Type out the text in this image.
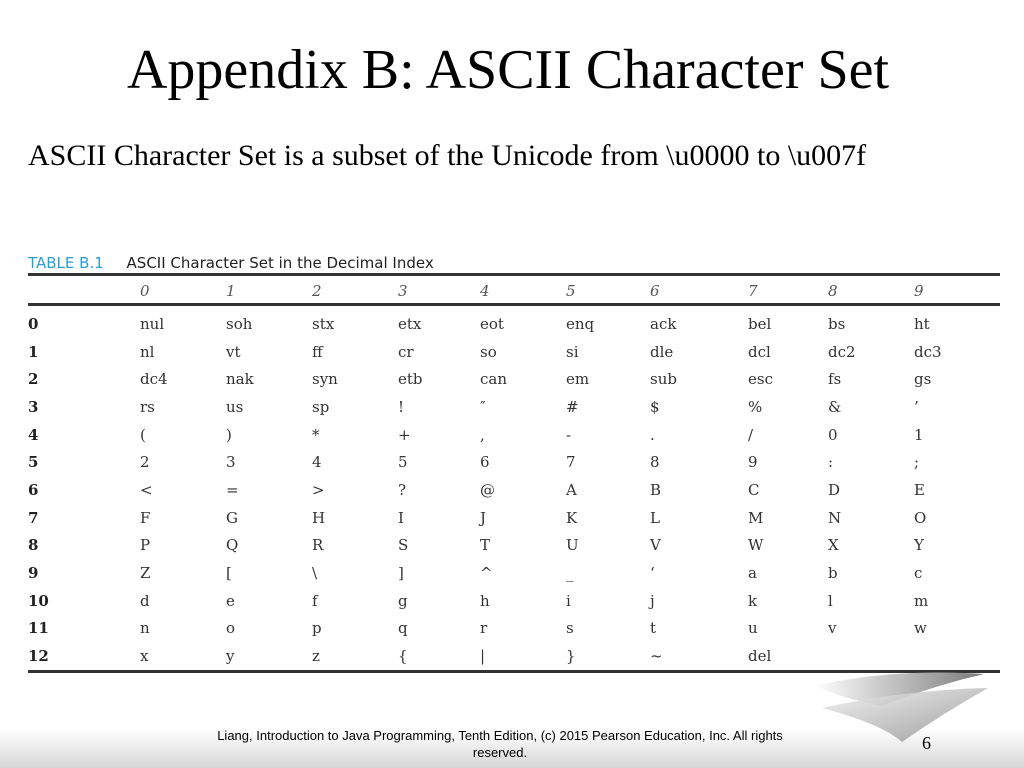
Appendix B: ASCII Character Set
ASCII Character Set is a subset of the Unicode from \u0000 to \u007f
TABLE B.1 ASCII Character Set in the Decimal Index
	0	1	2	3	4	5	6	7	8	9
0	nul	soh	stx	etx	eot	enq	ack	bel	bs	ht
1	nl	vt	ff	cr	so	si	dle	dcl	dc2	dc3
2	dc4	nak	syn	etb	can	em	sub	esc	fs	gs
3	rs	us	sp	!	″	#	$	%	&	’
4	(	)	*	+	,	-	.	/	0	1
5	2	3	4	5	6	7	8	9	:	;
6	<	=	>	?	@	A	B	C	D	E
7	F	G	H	I	J	K	L	M	N	O
8	P	Q	R	S	T	U	V	W	X	Y
9	Z	[	\	]	^	_	‘	a	b	c
10	d	e	f	g	h	i	j	k	l	m
11	n	o	p	q	r	s	t	u	v	w
12	x	y	z	{	|	}	~	del		
Liang, Introduction to Java Programming, Tenth Edition, (c) 2015 Pearson Education, Inc. All rights reserved.	6
